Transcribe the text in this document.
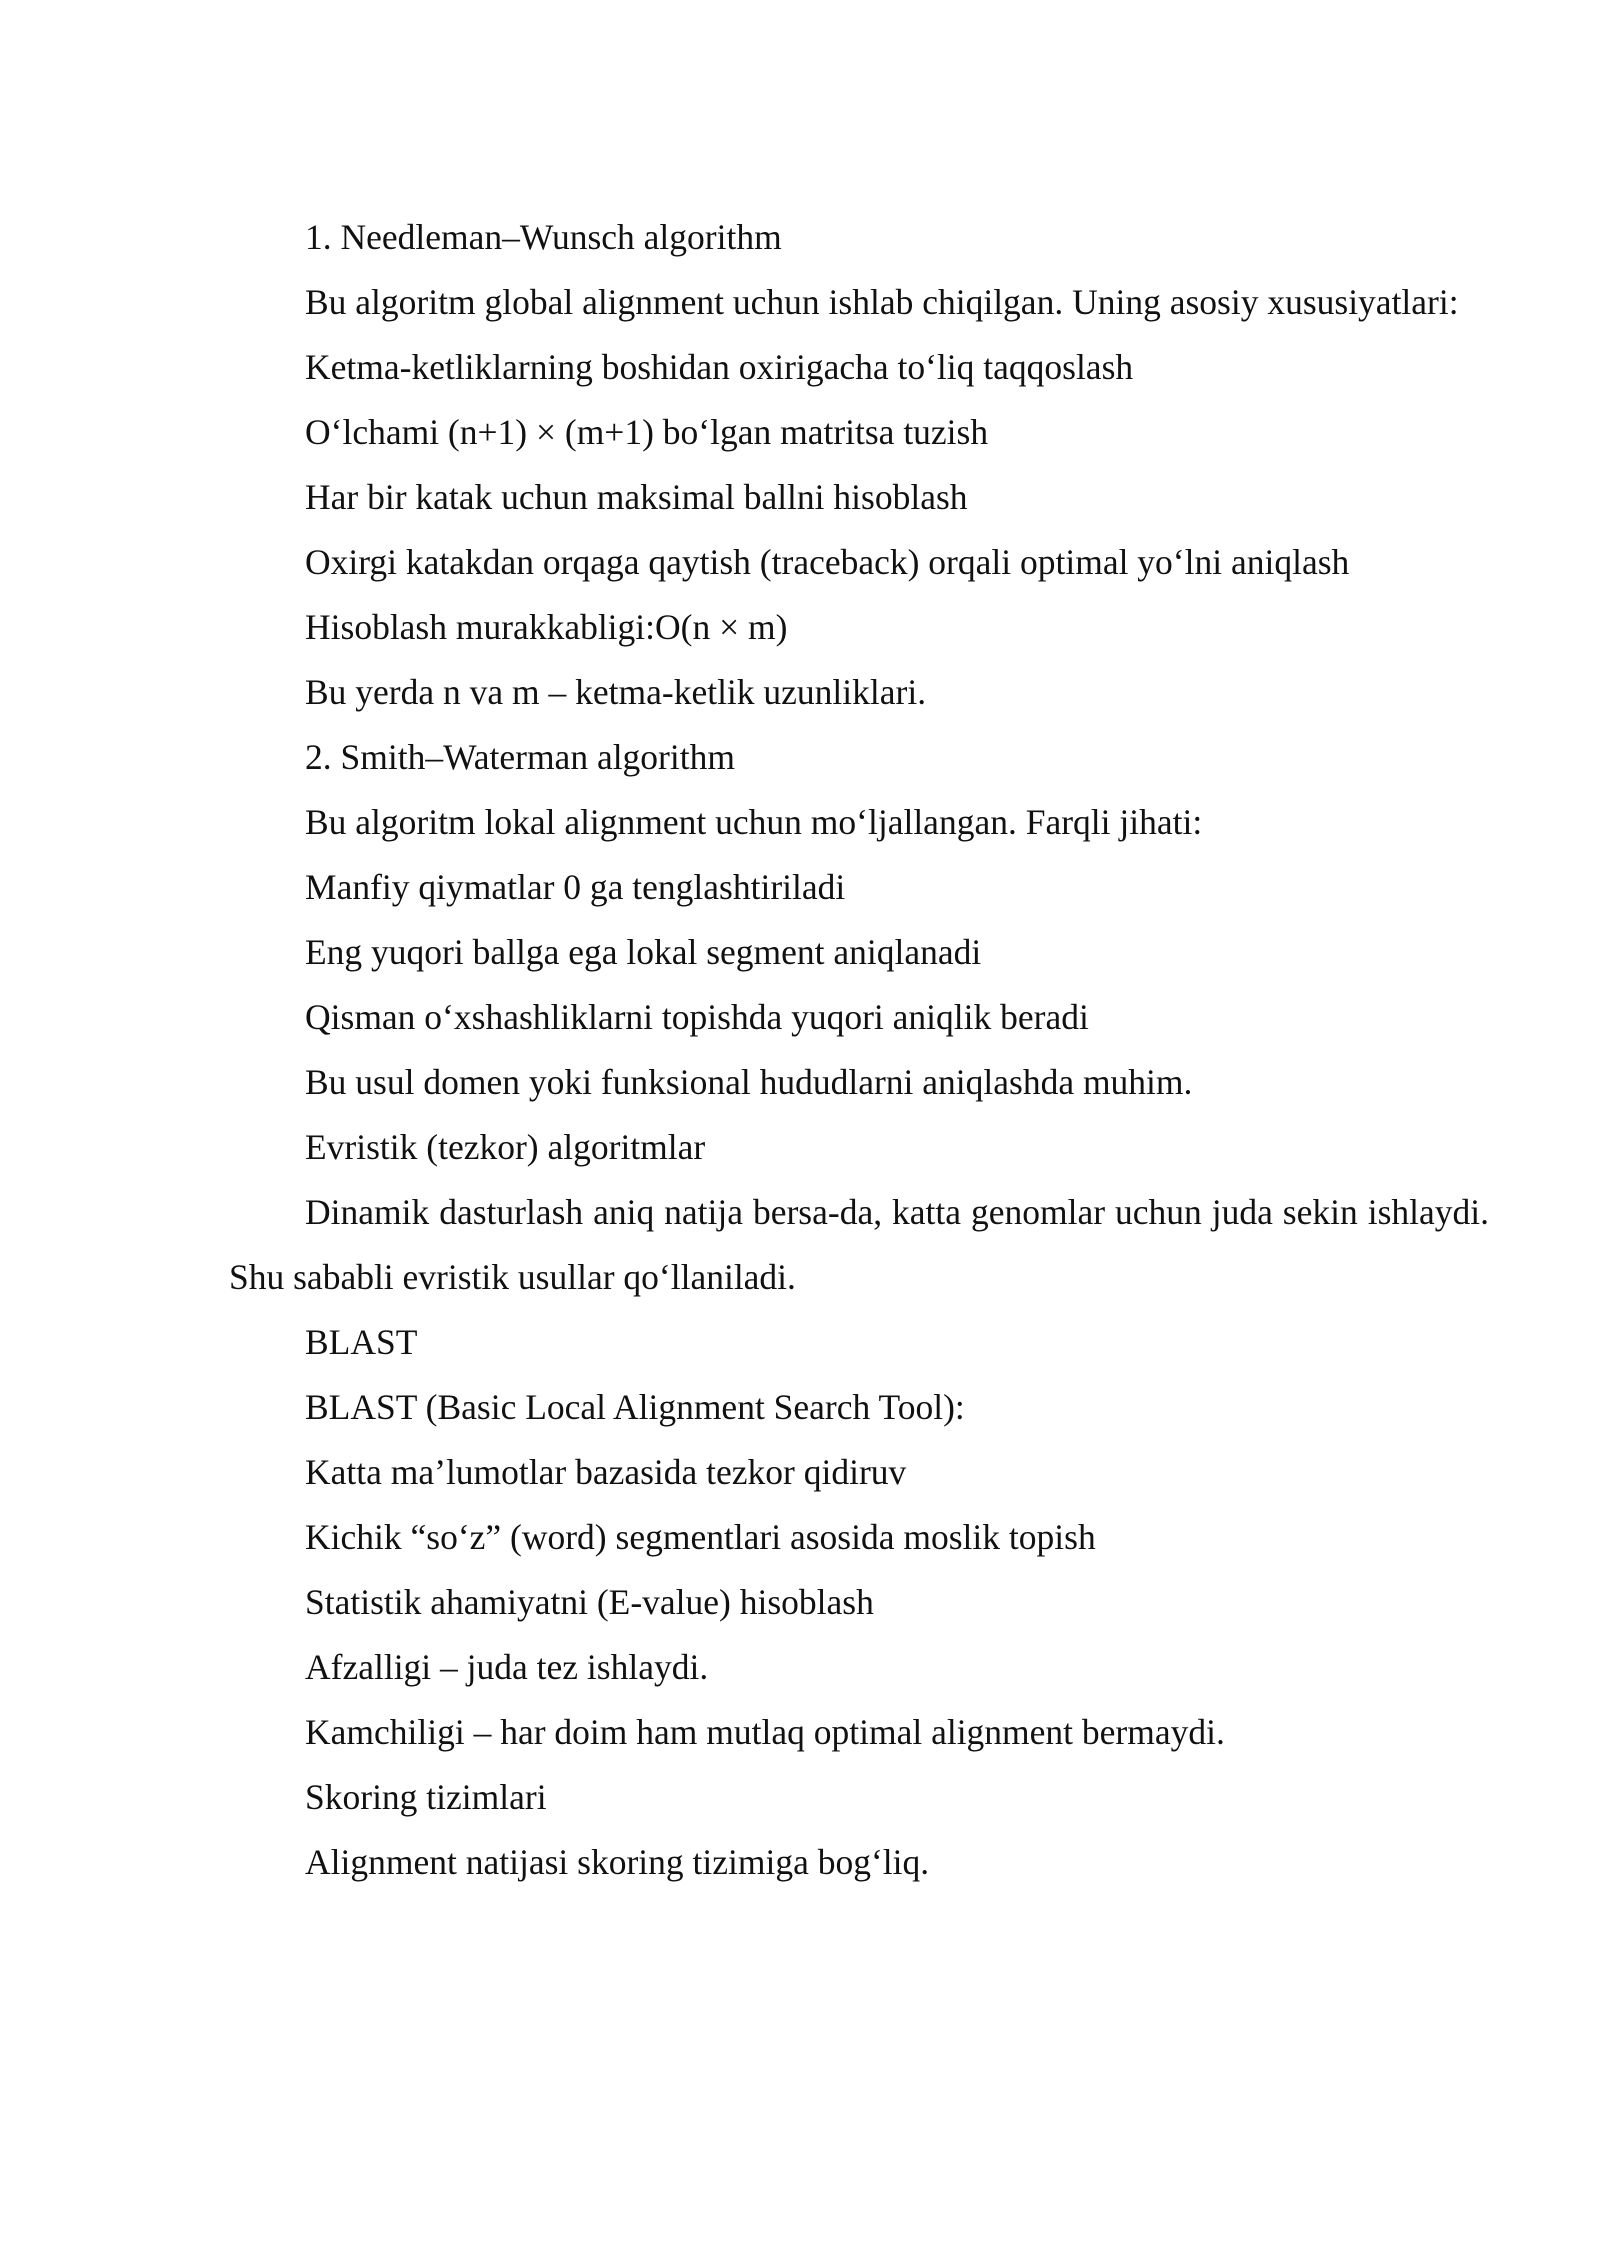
1. Needleman–Wunsch algorithm

Bu algoritm global alignment uchun ishlab chiqilgan. Uning asosiy xususiyatlari:

Ketma-ketliklarning boshidan oxirigacha to‘liq taqqoslash

O‘lchami (n+1) × (m+1) bo‘lgan matritsa tuzish

Har bir katak uchun maksimal ballni hisoblash

Oxirgi katakdan orqaga qaytish (traceback) orqali optimal yo‘lni aniqlash

Hisoblash murakkabligi:O(n × m)

Bu yerda n va m – ketma-ketlik uzunliklari.

2. Smith–Waterman algorithm

Bu algoritm lokal alignment uchun mo‘ljallangan. Farqli jihati:

Manfiy qiymatlar 0 ga tenglashtiriladi

Eng yuqori ballga ega lokal segment aniqlanadi

Qisman o‘xshashliklarni topishda yuqori aniqlik beradi

Bu usul domen yoki funksional hududlarni aniqlashda muhim.

Evristik (tezkor) algoritmlar

Dinamik dasturlash aniq natija bersa-da, katta genomlar uchun juda sekin ishlaydi. Shu sababli evristik usullar qo‘llaniladi.

BLAST

BLAST (Basic Local Alignment Search Tool):

Katta ma’lumotlar bazasida tezkor qidiruv

Kichik “so‘z” (word) segmentlari asosida moslik topish

Statistik ahamiyatni (E-value) hisoblash

Afzalligi – juda tez ishlaydi.

Kamchiligi – har doim ham mutlaq optimal alignment bermaydi.

Skoring tizimlari

Alignment natijasi skoring tizimiga bog‘liq.
